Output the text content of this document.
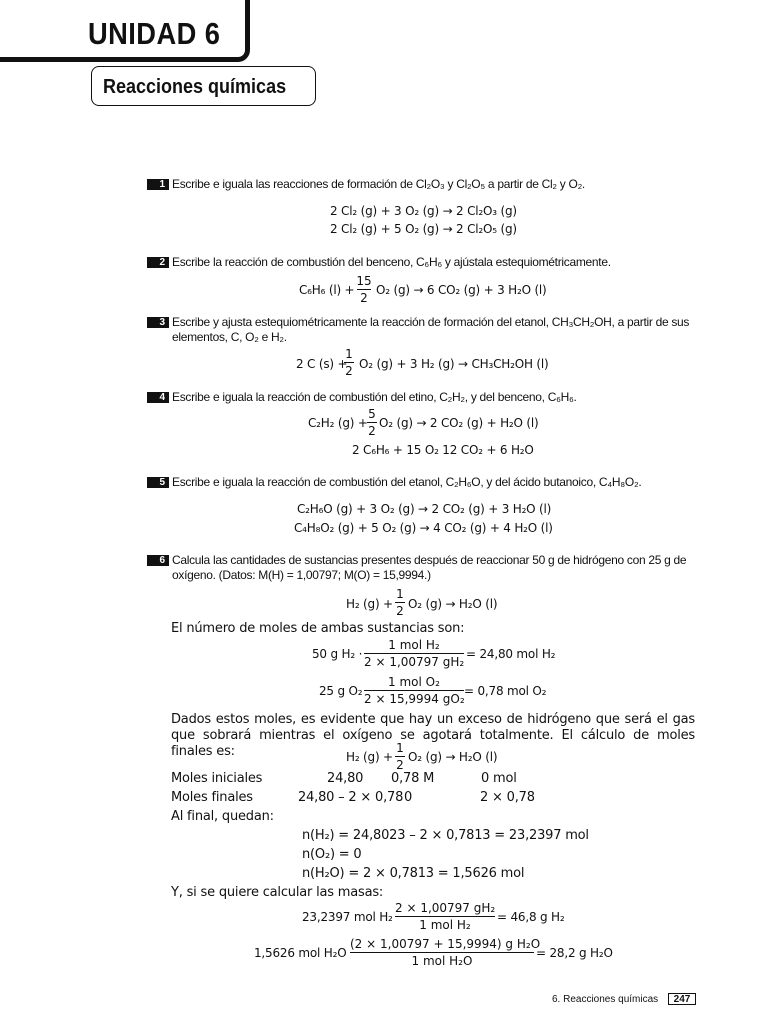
UNIDAD 6
Reacciones químicas
1 Escribe e iguala las reacciones de formación de Cl₂O₃ y Cl₂O₅ a partir de Cl₂ y O₂.
2 Cl₂ (g) + 3 O₂ (g) → 2 Cl₂O₃ (g)
2 Cl₂ (g) + 5 O₂ (g) → 2 Cl₂O₅ (g)
2 Escribe la reacción de combustión del benceno, C₆H₆ y ajústala estequiométricamente.
C₆H₆ (l) +
15
2
O₂ (g) → 6 CO₂ (g) + 3 H₂O (l)
3 Escribe y ajusta estequiométricamente la reacción de formación del etanol, CH₃CH₂OH, a partir de sus elementos, C, O₂ e H₂.
2 C (s) +
1
2 O₂ (g) + 3 H₂ (g) → CH₃CH₂OH (l)
4 Escribe e iguala la reacción de combustión del etino, C₂H₂, y del benceno, C₆H₆.
C₂H₂ (g) +
5
2
O₂ (g) → 2 CO₂ (g) + H₂O (l)
2 C₆H₆ + 15 O₂ 12 CO₂ + 6 H₂O
5 Escribe e iguala la reacción de combustión del etanol, C₂H₆O, y del ácido butanoico, C₄H₈O₂.
C₂H₆O (g) + 3 O₂ (g) → 2 CO₂ (g) + 3 H₂O (l)
C₄H₈O₂ (g) + 5 O₂ (g) → 4 CO₂ (g) + 4 H₂O (l)
6 Calcula las cantidades de sustancias presentes después de reaccionar 50 g de hidrógeno con 25 g de oxígeno. (Datos: M(H) = 1,00797; M(O) = 15,9994.)
H₂ (g) +
1
2 O₂ (g) → H₂O (l)
El número de moles de ambas sustancias son:
50 g H₂ ·
1 mol H₂
2 × 1,00797 gH₂
= 24,80 mol H₂
25 g O₂
1 mol O₂
2 × 15,9994 gO₂
= 0,78 mol O₂
Dados estos moles, es evidente que hay un exceso de hidrógeno que será el gas que sobrará mientras el oxígeno se agotará totalmente. El cálculo de moles finales es:	H₂ (g) +
1
2
O₂ (g) → H₂O (l)
Moles iniciales	24,80 0,78 M	0 mol
Moles finales	24,80 – 2 × 0,78 0	2 × 0,78
Al final, quedan:
n(H₂) = 24,8023 – 2 × 0,7813 = 23,2397 mol
n(O₂) = 0
n(H₂O) = 2 × 0,7813 = 1,5626 mol
Y, si se quiere calcular las masas:
23,2397 mol H₂
2 × 1,00797 gH₂
1 mol H₂
= 46,8 g H₂
1,5626 mol H₂O
(2 × 1,00797 + 15,9994) g H₂O
1 mol H₂O
= 28,2 g H₂O
6. Reacciones químicas	247
